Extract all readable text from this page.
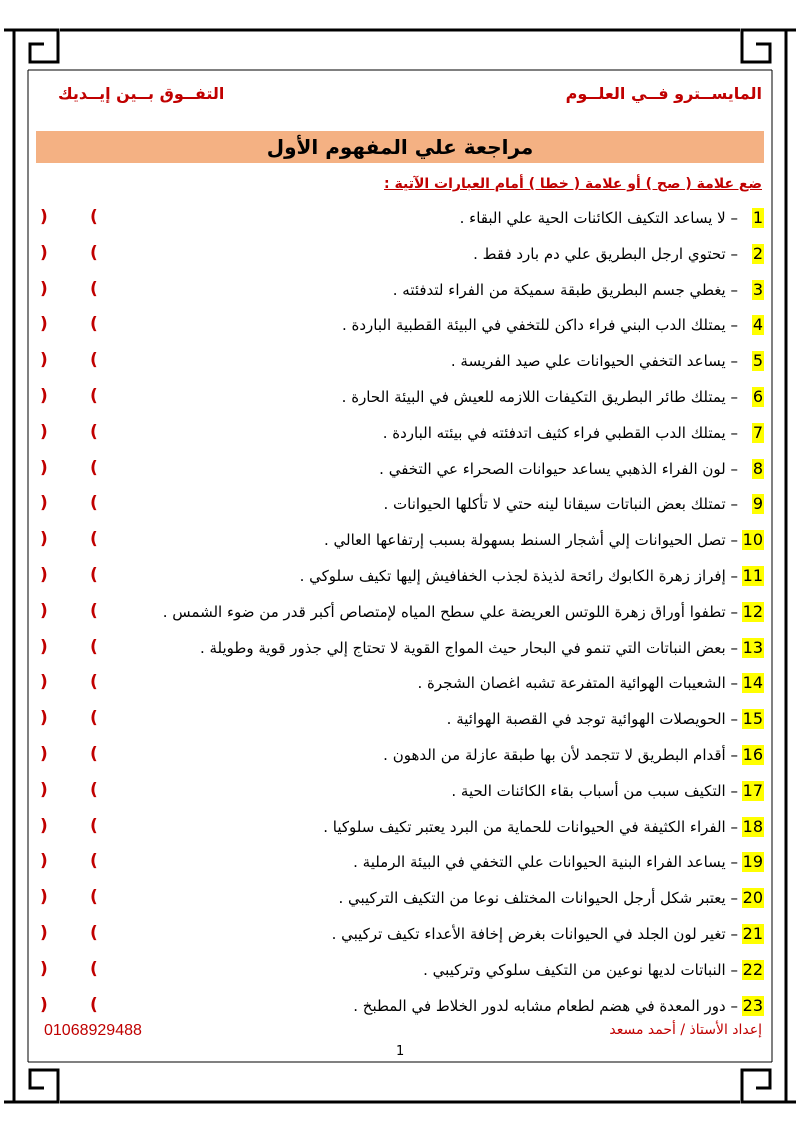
المايســترو فــي العلــوم
التفــوق بــين إيــديك
مراجعة علي المفهوم الأول
ضع علامة ( صح ) أو علامة ( خطا ) أمام العبارات الآتية :
1
– لا يساعد التكيف الكائنات الحية علي البقاء .
(
)
2
– تحتوي ارجل البطريق علي دم بارد فقط .
(
)
3
– يغطي جسم البطريق طبقة سميكة من الفراء لتدفئته .
(
)
4
– يمتلك الدب البني فراء داكن للتخفي في البيئة القطبية الباردة .
(
)
5
– يساعد التخفي الحيوانات علي صيد الفريسة .
(
)
6
– يمتلك طائر البطريق التكيفات اللازمه للعيش في البيئة الحارة .
(
)
7
– يمتلك الدب القطبي فراء كثيف اتدفئته في بيئته الباردة .
(
)
8
– لون الفراء الذهبي يساعد حيوانات الصحراء عي التخفي .
(
)
9
– تمتلك بعض النباتات سيقانا لينه حتي لا تأكلها الحيوانات .
(
)
10
– تصل الحيوانات إلي أشجار السنط بسهولة بسبب إرتفاعها العالي .
(
)
11
– إفراز زهرة الكابوك رائحة لذيذة لجذب الخفافيش إليها تكيف سلوكي .
(
)
12
– تطفوا أوراق زهرة اللوتس العريضة علي سطح المياه لإمتصاص أكبر قدر من ضوء الشمس .
(
)
13
– بعض النباتات التي تنمو في البحار حيث المواج القوية لا تحتاج إلي جذور قوية وطويلة .
(
)
14
– الشعيبات الهوائية المتفرعة تشبه اغصان الشجرة .
(
)
15
– الحويصلات الهوائية توجد في القصبة الهوائية .
(
)
16
– أقدام البطريق لا تتجمد لأن بها طبقة عازلة من الدهون .
(
)
17
– التكيف سبب من أسباب بقاء الكائنات الحية .
(
)
18
– الفراء الكثيفة في الحيوانات للحماية من البرد يعتبر تكيف سلوكيا .
(
)
19
– يساعد الفراء البنية الحيوانات علي التخفي في البيئة الرملية .
(
)
20
– يعتبر شكل أرجل الحيوانات المختلف نوعا من التكيف التركيبي .
(
)
21
– تغير لون الجلد في الحيوانات بغرض إخافة الأعداء تكيف تركيبي .
(
)
22
– النباتات لديها نوعين من التكيف سلوكي وتركيبي .
(
)
23
– دور المعدة في هضم لطعام مشابه لدور الخلاط في المطبخ .
(
)
إعداد الأستاذ / أحمد مسعد
01068929488
1
